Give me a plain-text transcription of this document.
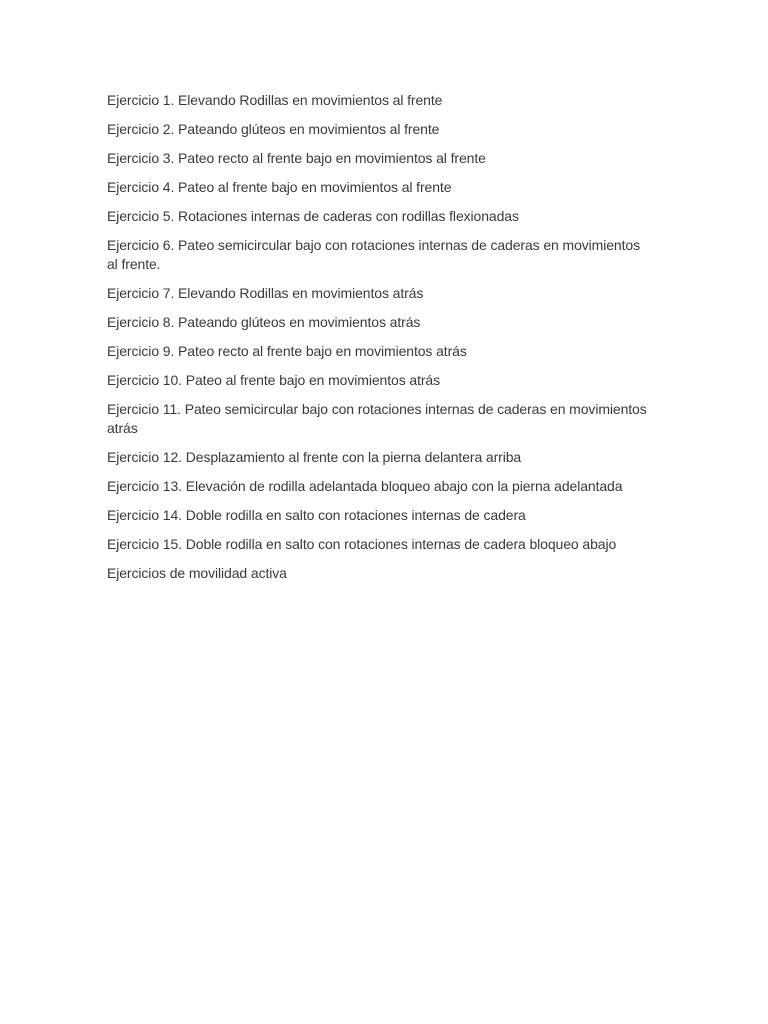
Ejercicio 1. Elevando Rodillas en movimientos al frente
Ejercicio 2. Pateando glúteos en movimientos al frente
Ejercicio 3. Pateo recto al frente bajo en movimientos al frente
Ejercicio 4. Pateo al frente bajo en movimientos al frente
Ejercicio 5. Rotaciones internas de caderas con rodillas flexionadas
Ejercicio 6. Pateo semicircular bajo con rotaciones internas de caderas en movimientos al frente.
Ejercicio 7. Elevando Rodillas en movimientos atrás
Ejercicio 8. Pateando glúteos en movimientos atrás
Ejercicio 9. Pateo recto al frente bajo en movimientos atrás
Ejercicio 10. Pateo al frente bajo en movimientos atrás
Ejercicio 11. Pateo semicircular bajo con rotaciones internas de caderas en movimientos atrás
Ejercicio 12. Desplazamiento al frente con la pierna delantera arriba
Ejercicio 13. Elevación de rodilla adelantada bloqueo abajo con la pierna adelantada
Ejercicio 14. Doble rodilla en salto con rotaciones internas de cadera
Ejercicio 15. Doble rodilla en salto con rotaciones internas de cadera bloqueo abajo
Ejercicios de movilidad activa
